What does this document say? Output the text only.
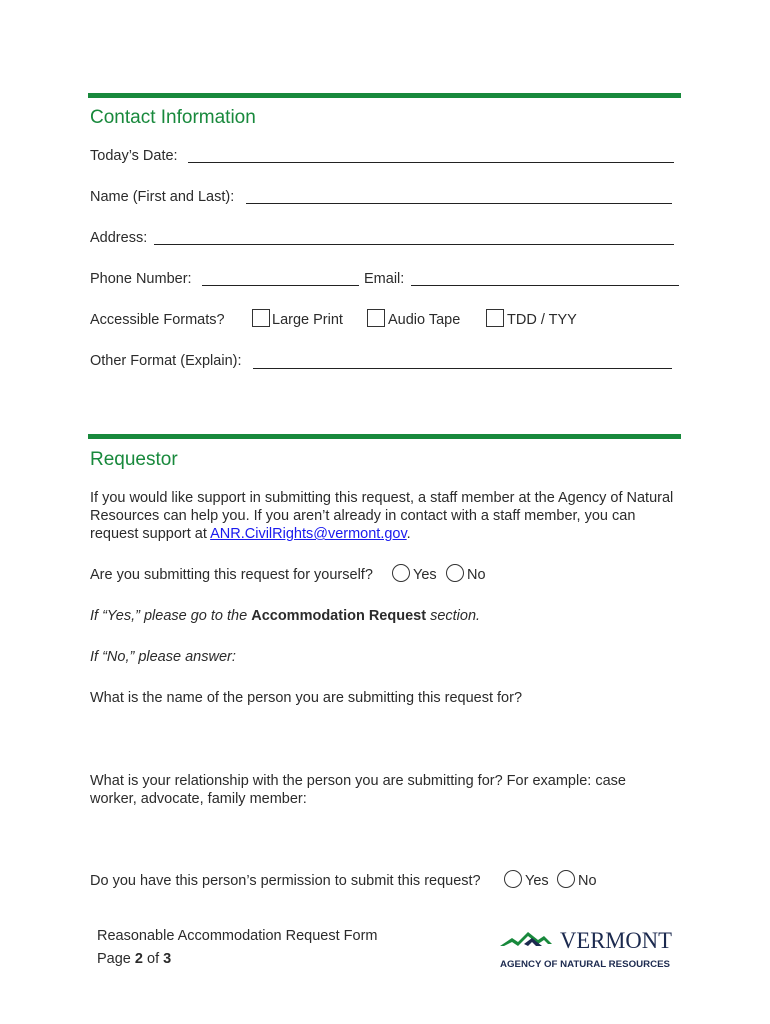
Contact Information
Today’s Date:
Name (First and Last):
Address:
Phone Number:	Email:
Accessible Formats?	Large Print	Audio Tape	TDD / TYY
Other Format (Explain):
Requestor

If you would like support in submitting this request, a staff member at the Agency of Natural Resources can help you. If you aren’t already in contact with a staff member, you can request support at ANR.CivilRights@vermont.gov.

Are you submitting this request for yourself?	Yes No
If “Yes,” please go to the Accommodation Request section.
If “No,” please answer:
What is the name of the person you are submitting this request for?

What is your relationship with the person you are submitting for? For example: case worker, advocate, family member:

Do you have this person’s permission to submit this request?	Yes No
Reasonable Accommodation Request Form
Page 2 of 3
VERMONT
AGENCY OF NATURAL RESOURCES
